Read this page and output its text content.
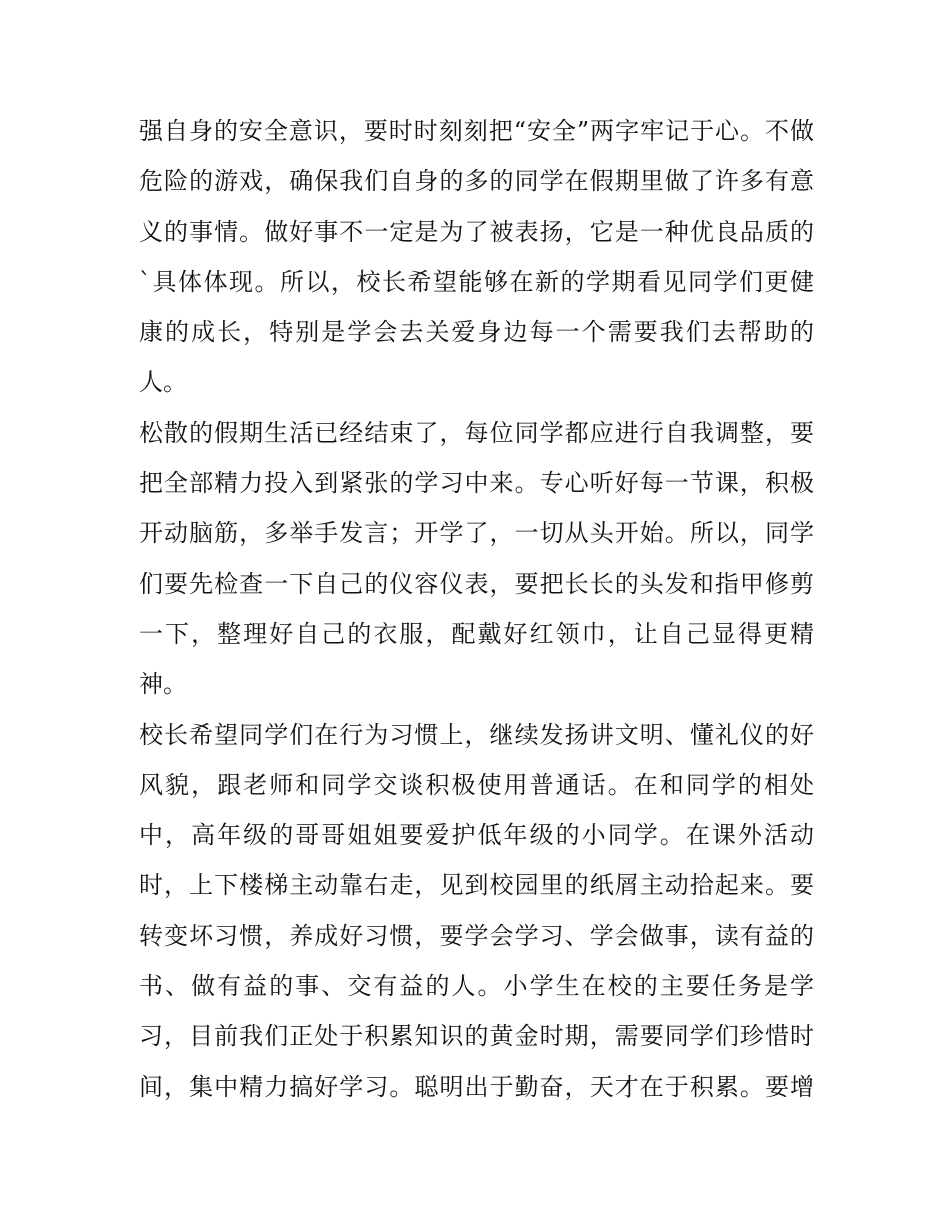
强自身的安全意识，要时时刻刻把“安全”两字牢记于心。不做
危险的游戏，确保我们自身的多的同学在假期里做了许多有意
义的事情。做好事不一定是为了被表扬，它是一种优良品质的
`具体体现。所以，校长希望能够在新的学期看见同学们更健
康的成长，特别是学会去关爱身边每一个需要我们去帮助的
人。
松散的假期生活已经结束了，每位同学都应进行自我调整，要
把全部精力投入到紧张的学习中来。专心听好每一节课，积极
开动脑筋，多举手发言；开学了，一切从头开始。所以，同学
们要先检查一下自己的仪容仪表，要把长长的头发和指甲修剪
一下，整理好自己的衣服，配戴好红领巾，让自己显得更精
神。
校长希望同学们在行为习惯上，继续发扬讲文明、懂礼仪的好
风貌，跟老师和同学交谈积极使用普通话。在和同学的相处
中，高年级的哥哥姐姐要爱护低年级的小同学。在课外活动
时，上下楼梯主动靠右走，见到校园里的纸屑主动拾起来。要
转变坏习惯，养成好习惯，要学会学习、学会做事，读有益的
书、做有益的事、交有益的人。小学生在校的主要任务是学
习，目前我们正处于积累知识的黄金时期，需要同学们珍惜时
间，集中精力搞好学习。聪明出于勤奋，天才在于积累。要增
